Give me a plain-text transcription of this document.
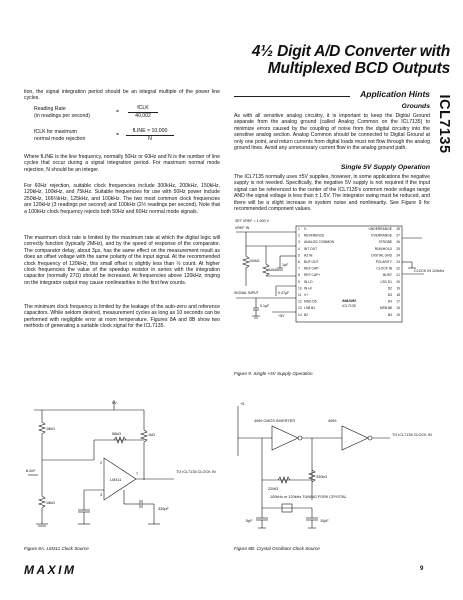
4½ Digit A/D Converter with
Multiplexed BCD Outputs
ICL7135
tion, the signal integration period should be an integral multiple of the power line cycles.
Reading Rate
(in readings per second)
=
fCLK
40,002
fCLK for maximum
normal mode rejection
=
fLINE × 10,000
N
Where fLINE is the line frequency, normally 50Hz or 60Hz and N is the number of line cycles that occur during a signal integration period. For maximum normal mode rejection, N should be an integer.
For 60Hz rejection, suitable clock frequencies include 300kHz, 200kHz, 150kHz, 120kHz, 100kHz, and 75kHz. Suitable frequencies for use with 50Hz power include 250kHz, 166⅔kHz, 125kHz, and 100kHz. The two most common clock frequencies are 120kHz (3 readings per second) and 100kHz (2½ readings per second). Note that a 100kHz clock frequency rejects both 50Hz and 60Hz normal mode signals.
The maximum clock rate is limited by the maximum rate at which the digital logic will correctly function (typically 2MHz), and by the speed of response of the comparator. The comparator delay, about 3µs, has the same effect on the measurement result as does an offset voltage with the same polarity of the input signal. At the recommended clock frequency of 120kHz, this small offset is slightly less than ½ count. At higher clock frequencies the value of the speedup resistor in series with the integration capacitor (normally 27Ω) should be increased. At frequencies above 120kHz, ringing on the integrator output may cause nonlinearities in the first few counts.
The minimum clock frequency is limited by the leakage of the auto-zero and reference capacitors. While seldom desired, measurement cycles as long as 10 seconds can be performed with negligible error at room temperature. Figures 8A and 8B show two methods of generating a suitable clock signal for the ICL7135.
Application Hints
Grounds
As with all sensitive analog circuitry, it is important to keep the Digital Ground separate from the analog ground (called Analog Common on the ICL7135) to minimize errors caused by the coupling of noise from the digital circuitry into the sensitive analog section. Analog Common should be connected to Digital Ground at only one point, and return currents from digital loads must not flow through the analog ground lines. Avoid any unnecessary current flow in the analog ground path.
Single 5V Supply Operation
The ICL7135 normally uses ±5V supplies, however, in some applications the negative supply is not needed. Specifically, the negative 5V supply is not required if the input signal can be referenced to the center of the ICL7135's common mode voltage range AND the signal voltage is less than ± 1.5V. The integrator swing must be reduced, and there will be a slight increase in system noise and nonlinearity. See Figure 9 for recommended component values.
SET VREF = 1.000 V
VREF IN
SIGNAL INPUT
100kΩ
10kΩ
1µF
0.1µF
0.47µF
+5V
CLOCK IN 120kHz
1 V-
2 REFERENCE
3 ANALOG COMMON
4 INT OUT
5 AZ IN
6 BUF OUT
7 REF CAP-
8 REF CAP+
9 IN LO
10 IN HI
11 V+
12 MSD D5
13 LSB B1
14 B2
UNDERRANGE 28
OVERRANGE 27
STROBE 26
RUN/HOLD 25
DIGITAL GND 24
POLARITY 23
CLOCK IN 22
BUSY 21
LSD D1 20
D2 19
D3 18
D4 17
MSB B8 16
B4 15
MAXIM
ICL7135
Figure 9. Single +5V Supply Operation
5V
18kΩ
56kΩ	1kΩ
18kΩ
8.2nF
330pF
LM311
2
3
7	TO ICL7135 CLOCK IN
Figure 8A. LM311 Clock Source
+5
4069 CMOS INVERTER	4069
22MΩ
330kΩ
100kHz or 120kHz TUNING FORK CRYSTAL
5pF	10pF
TO ICL7135 CLOCK IN
Figure 8B. Crystal Oscillator Clock Source
MAXIM	9
